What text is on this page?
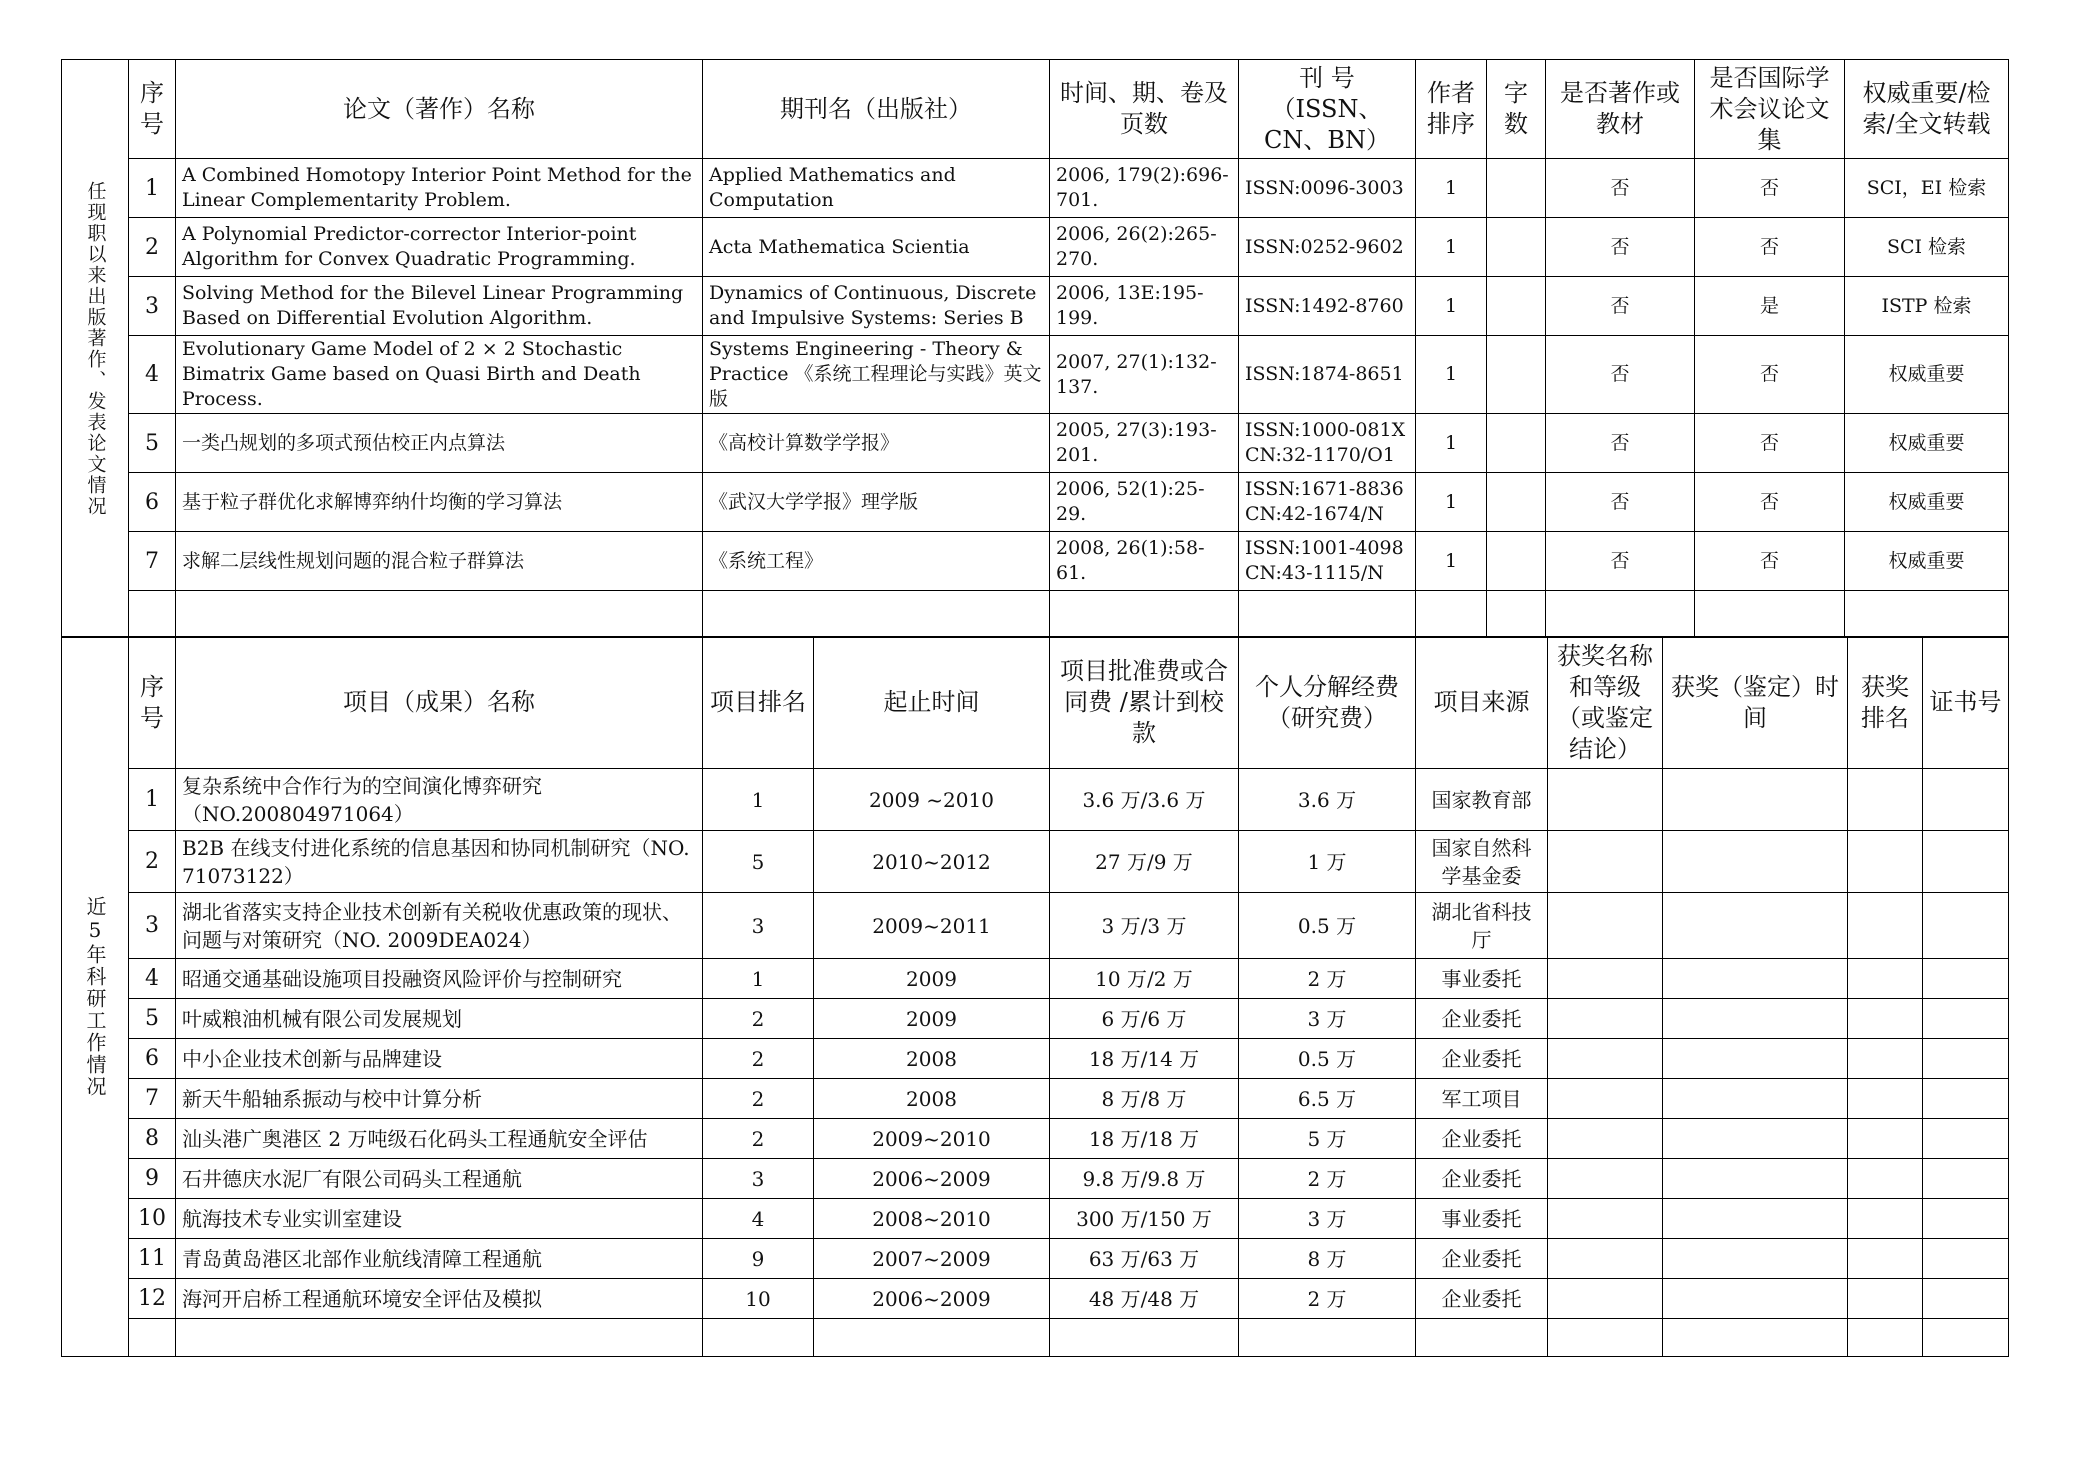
任现职以来出版著作、发表论文情况	序号	论文（著作）名称	期刊名（出版社）	时间、期、卷及页数	刊 号（ISSN、CN、BN）	作者排序	字数	是否著作或教材	是否国际学术会议论文集	权威重要/检索/全文转载
	1	A Combined Homotopy Interior Point Method for the Linear Complementarity Problem.	Applied Mathematics and Computation	2006, 179(2):696-701.	ISSN:0096-3003	1		否	否	SCI，EI 检索
	2	A Polynomial Predictor-corrector Interior-point Algorithm for Convex Quadratic Programming.	Acta Mathematica Scientia	2006, 26(2):265-270.	ISSN:0252-9602	1		否	否	SCI 检索
	3	Solving Method for the Bilevel Linear Programming Based on Differential Evolution Algorithm.	Dynamics of Continuous, Discrete and Impulsive Systems: Series B	2006, 13E:195-199.	ISSN:1492-8760	1		否	是	ISTP 检索
	4	Evolutionary Game Model of 2 × 2 Stochastic Bimatrix Game based on Quasi Birth and Death Process.	Systems Engineering - Theory & Practice 《系统工程理论与实践》英文版	2007, 27(1):132-137.	ISSN:1874-8651	1		否	否	权威重要
	5	一类凸规划的多项式预估校正内点算法	《高校计算数学学报》	2005, 27(3):193-201.	ISSN:1000-081X CN:32-1170/O1	1		否	否	权威重要
	6	基于粒子群优化求解博弈纳什均衡的学习算法	《武汉大学学报》理学版	2006, 52(1):25-29.	ISSN:1671-8836 CN:42-1674/N	1		否	否	权威重要
	7	求解二层线性规划问题的混合粒子群算法	《系统工程》	2008, 26(1):58-61.	ISSN:1001-4098 CN:43-1115/N	1		否	否	权威重要

近5年科研工作情况	序号	项目（成果）名称	项目排名	起止时间	项目批准费或合同费 /累计到校款	个人分解经费（研究费）	项目来源	获奖名称和等级（或鉴定结论）	获奖（鉴定）时间	获奖排名	证书号
	1	复杂系统中合作行为的空间演化博弈研究（NO.200804971064）	1	2009 ~2010	3.6 万/3.6 万	3.6 万	国家教育部				
	2	B2B 在线支付进化系统的信息基因和协同机制研究（NO. 71073122）	5	2010~2012	27 万/9 万	1 万	国家自然科学基金委				
	3	湖北省落实支持企业技术创新有关税收优惠政策的现状、问题与对策研究（NO. 2009DEA024）	3	2009~2011	3 万/3 万	0.5 万	湖北省科技厅				
	4	昭通交通基础设施项目投融资风险评价与控制研究	1	2009	10 万/2 万	2 万	事业委托				
	5	叶威粮油机械有限公司发展规划	2	2009	6 万/6 万	3 万	企业委托				
	6	中小企业技术创新与品牌建设	2	2008	18 万/14 万	0.5 万	企业委托				
	7	新天牛船轴系振动与校中计算分析	2	2008	8 万/8 万	6.5 万	军工项目				
	8	汕头港广奥港区 2 万吨级石化码头工程通航安全评估	2	2009~2010	18 万/18 万	5 万	企业委托				
	9	石井德庆水泥厂有限公司码头工程通航	3	2006~2009	9.8 万/9.8 万	2 万	企业委托				
	10	航海技术专业实训室建设	4	2008~2010	300 万/150 万	3 万	事业委托				
	11	青岛黄岛港区北部作业航线清障工程通航	9	2007~2009	63 万/63 万	8 万	企业委托				
	12	海河开启桥工程通航环境安全评估及模拟	10	2006~2009	48 万/48 万	2 万	企业委托				
